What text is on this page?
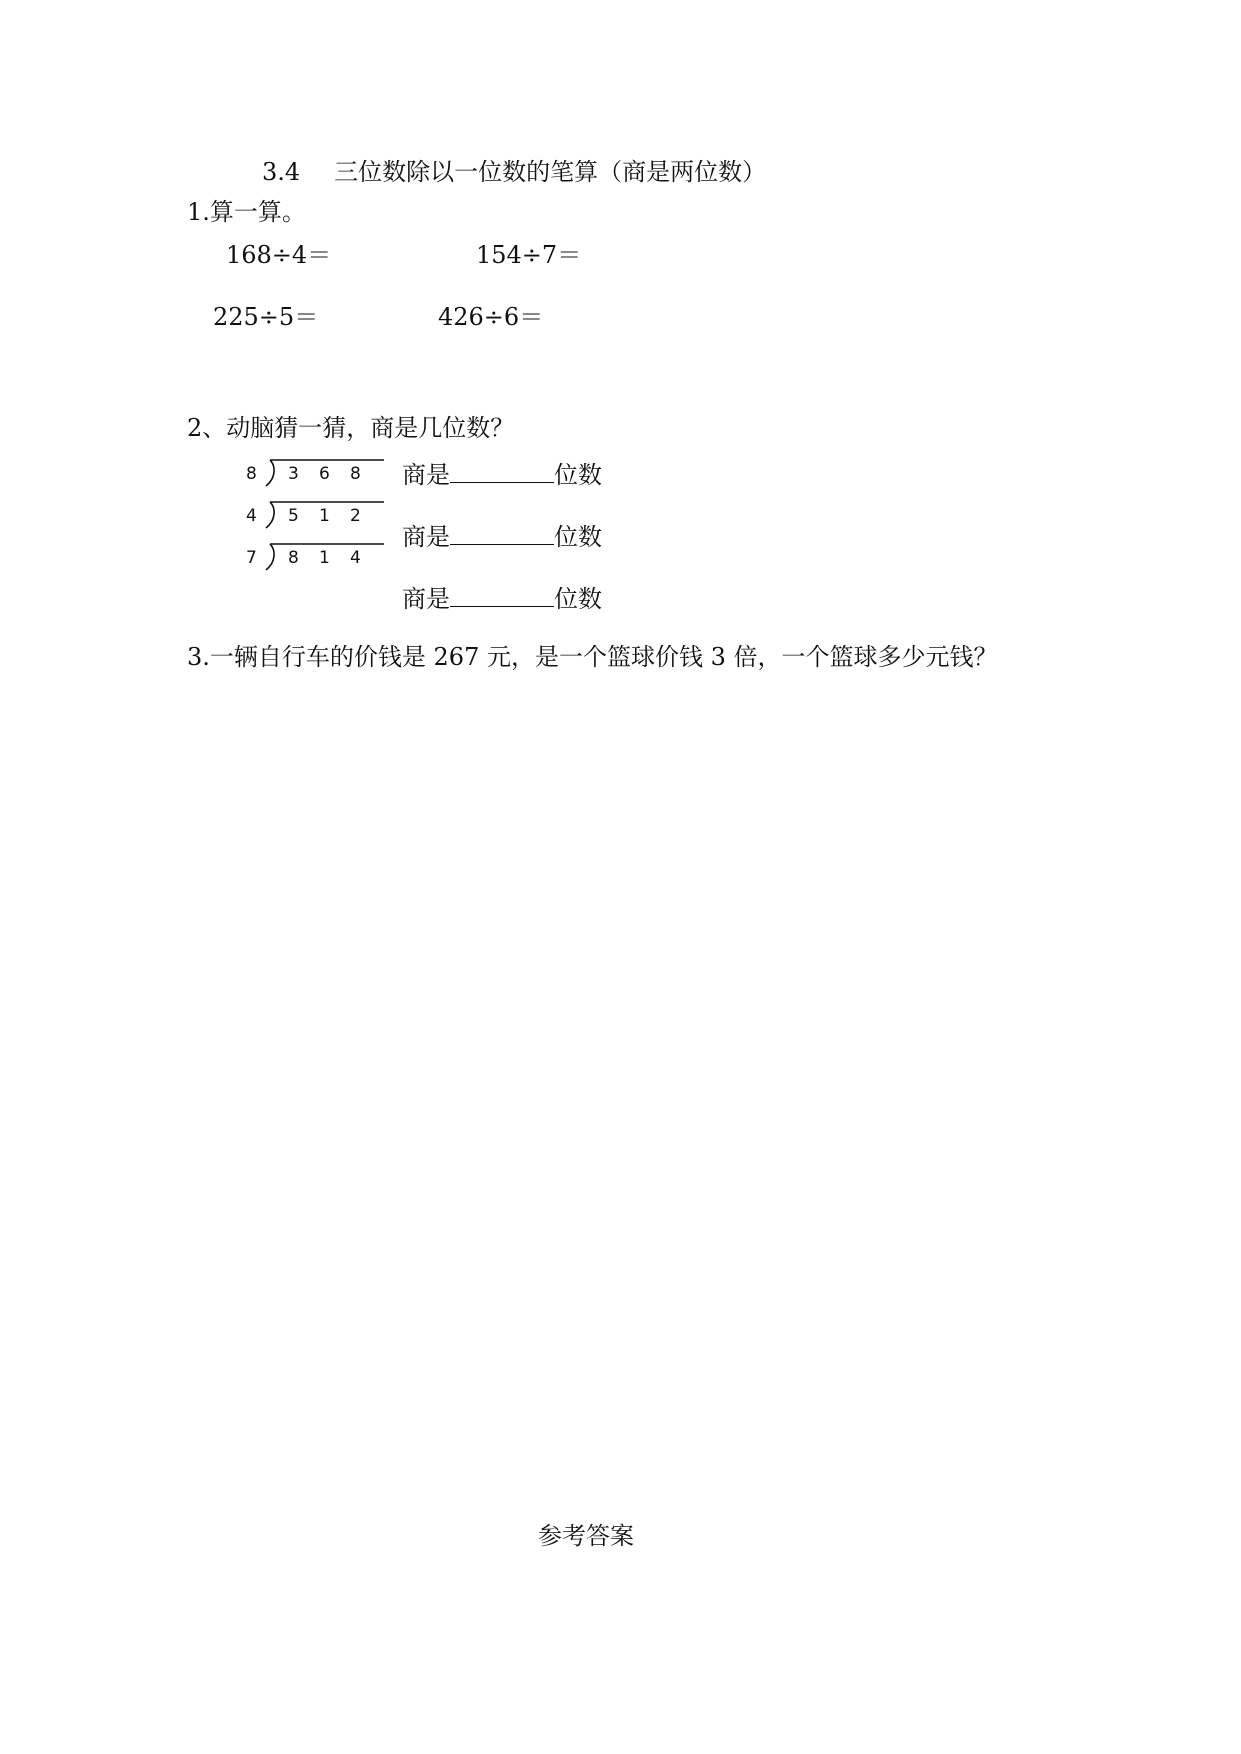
3.4 三位数除以一位数的笔算（商是两位数）
1.算一算。
168÷4＝	154÷7＝
225÷5＝	426÷6＝
2、动脑猜一猜，商是几位数？
8 3 6 8
4 5 1 2
7 8 1 4
商是	位数
商是	位数
商是	位数
3.一辆自行车的价钱是 267 元，是一个篮球价钱 3 倍，一个篮球多少元钱？
参考答案
